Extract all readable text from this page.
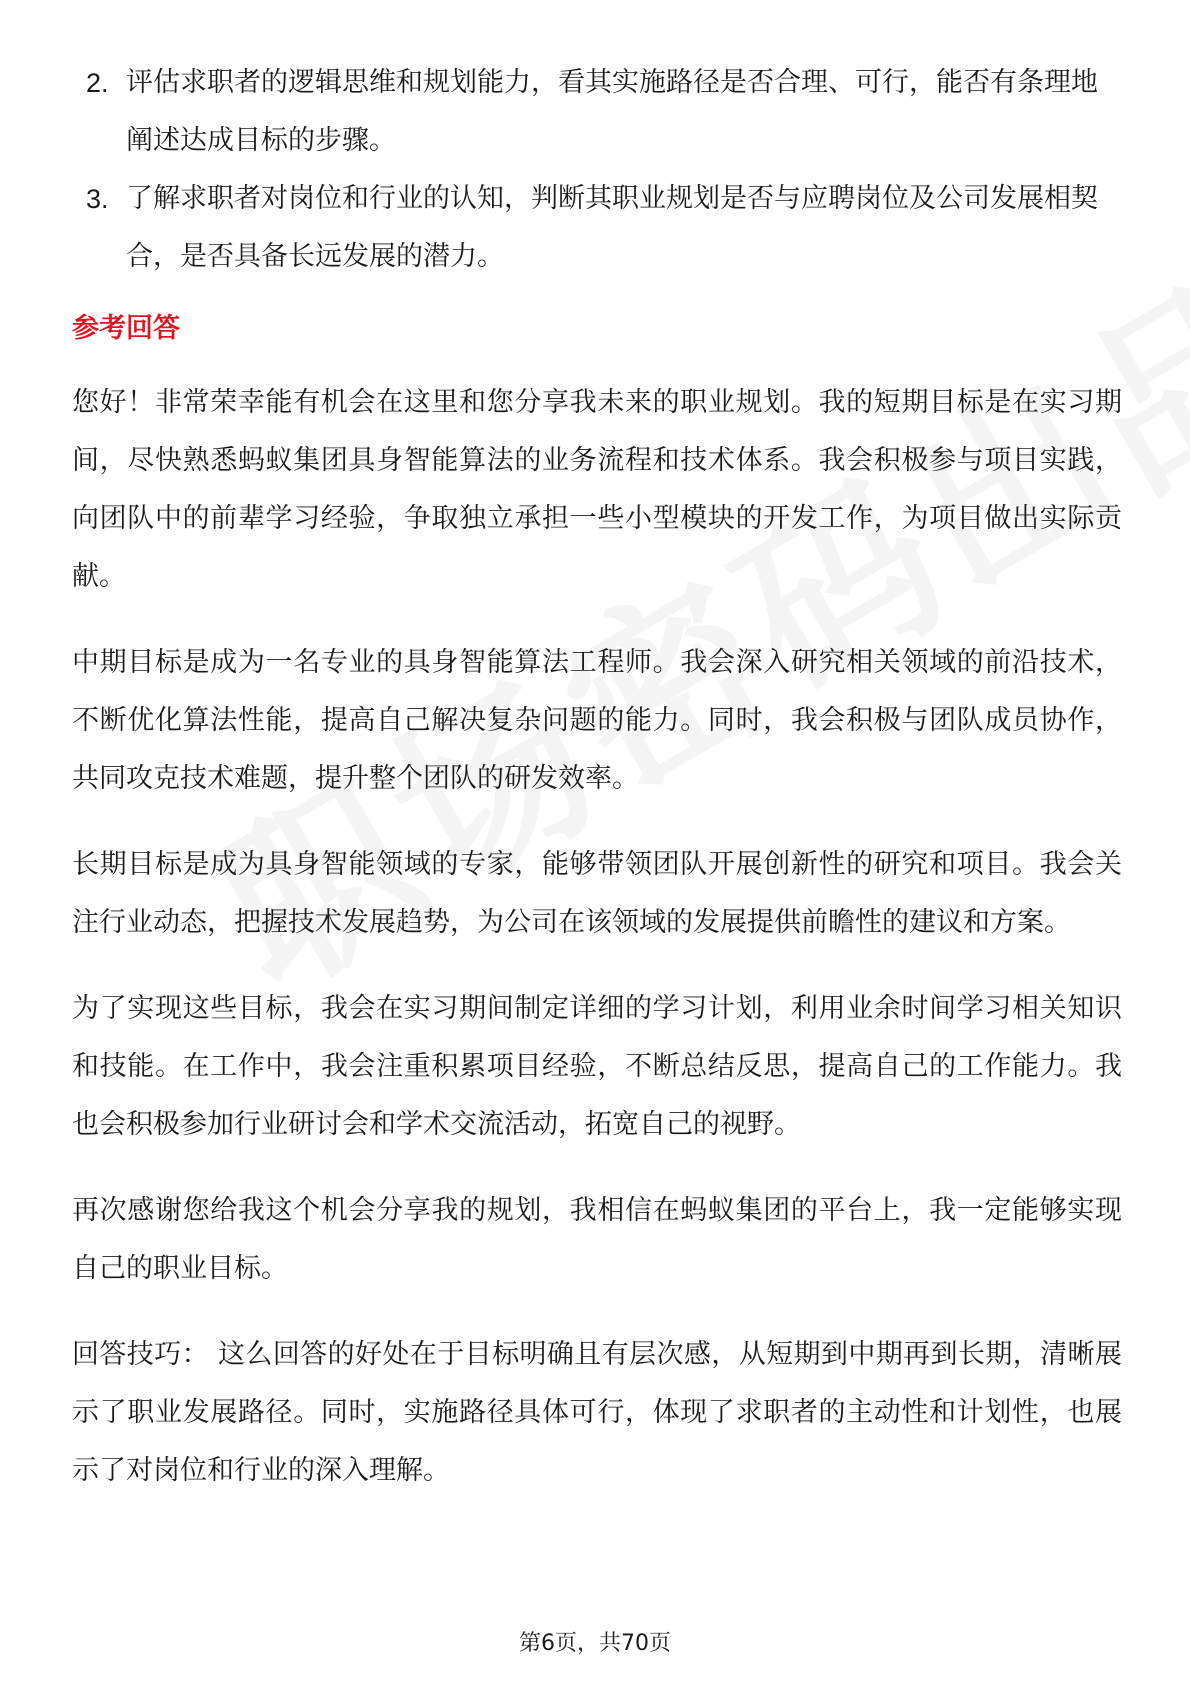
2. 评估求职者的逻辑思维和规划能力，看其实施路径是否合理、可行，能否有条理地阐述达成目标的步骤。
3. 了解求职者对岗位和行业的认知，判断其职业规划是否与应聘岗位及公司发展相契合，是否具备长远发展的潜力。
参考回答

您好！非常荣幸能有机会在这里和您分享我未来的职业规划。我的短期目标是在实习期间，尽快熟悉蚂蚁集团具身智能算法的业务流程和技术体系。我会积极参与项目实践，向团队中的前辈学习经验，争取独立承担一些小型模块的开发工作，为项目做出实际贡献。

中期目标是成为一名专业的具身智能算法工程师。我会深入研究相关领域的前沿技术，不断优化算法性能，提高自己解决复杂问题的能力。同时，我会积极与团队成员协作，共同攻克技术难题，提升整个团队的研发效率。

长期目标是成为具身智能领域的专家，能够带领团队开展创新性的研究和项目。我会关注行业动态，把握技术发展趋势，为公司在该领域的发展提供前瞻性的建议和方案。

为了实现这些目标，我会在实习期间制定详细的学习计划，利用业余时间学习相关知识和技能。在工作中，我会注重积累项目经验，不断总结反思，提高自己的工作能力。我也会积极参加行业研讨会和学术交流活动，拓宽自己的视野。

再次感谢您给我这个机会分享我的规划，我相信在蚂蚁集团的平台上，我一定能够实现自己的职业目标。

回答技巧： 这么回答的好处在于目标明确且有层次感，从短期到中期再到长期，清晰展示了职业发展路径。同时，实施路径具体可行，体现了求职者的主动性和计划性，也展示了对岗位和行业的深入理解。

第6页，共70页
